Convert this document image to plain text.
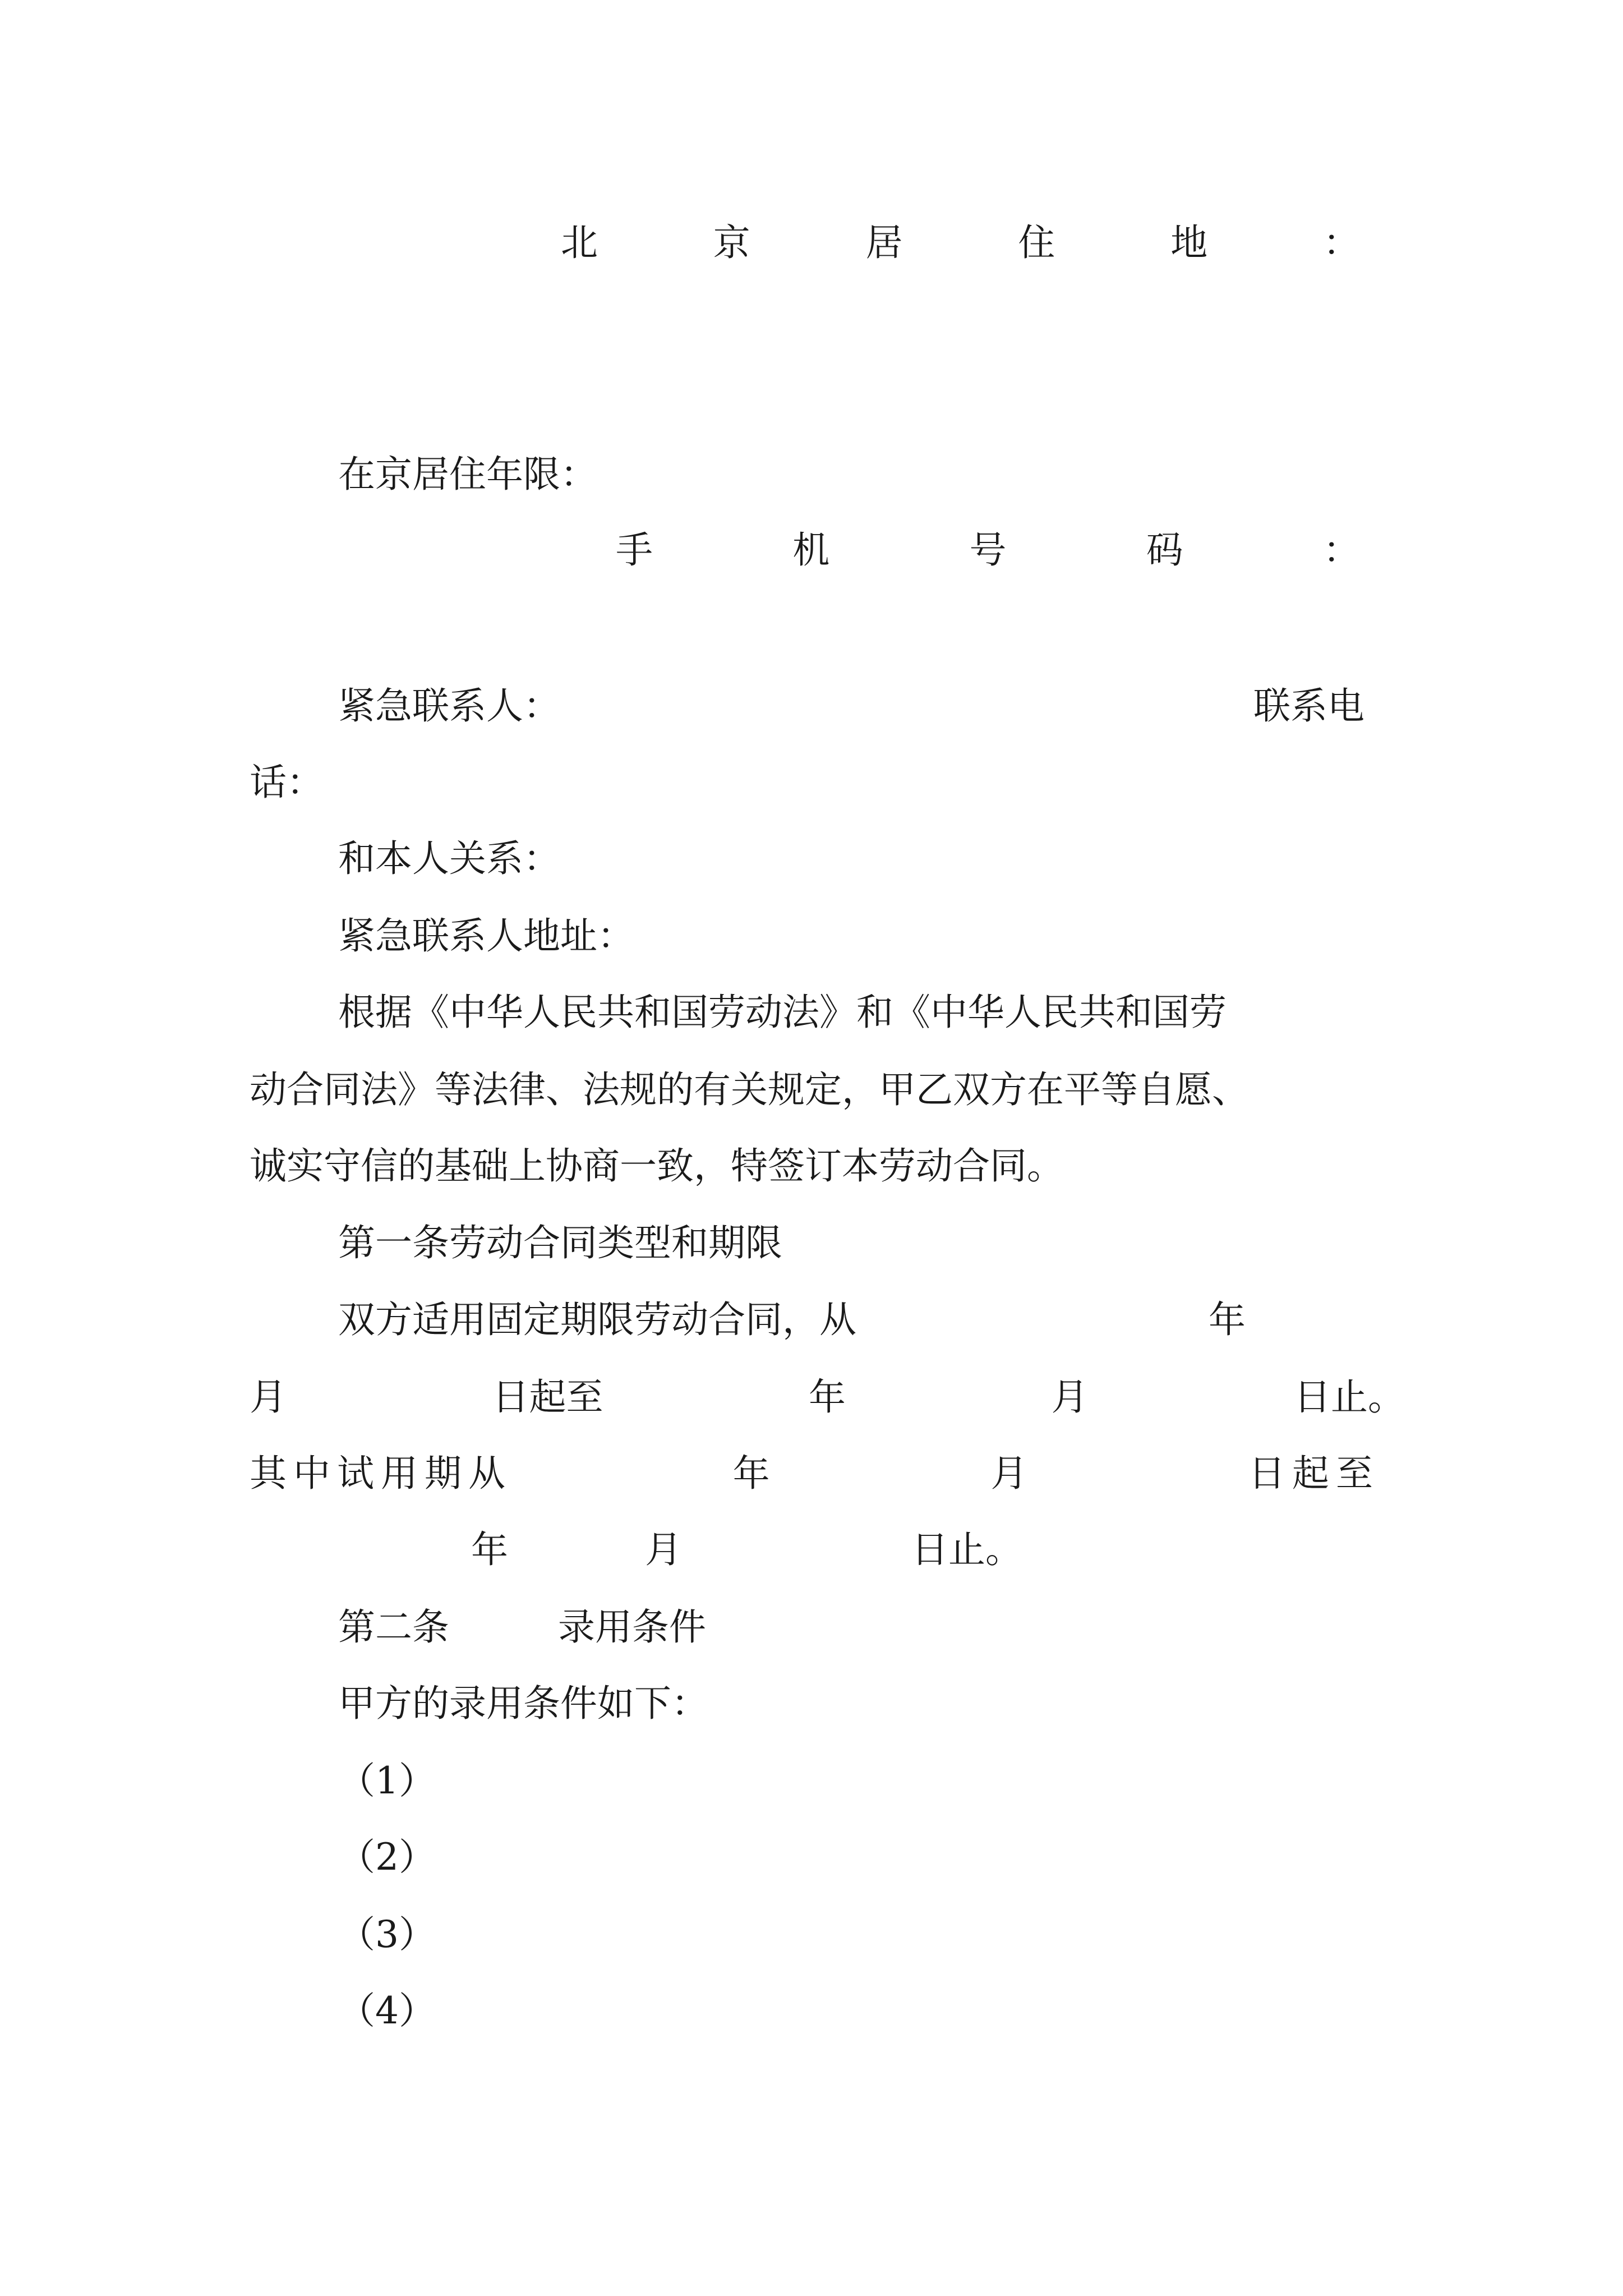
北	京	居	住	地	：
在京居住年限：
手	机	号	码	：
紧急联系人：	联系电
话：
和本人关系：
紧急联系人地址：
根据《中华人民共和国劳动法》和《中华人民共和国劳
动合同法》等法律、法规的有关规定，甲乙双方在平等自愿、
诚实守信的基础上协商一致，特签订本劳动合同。
第一条劳动合同类型和期限
双方适用固定期限劳动合同，从	年
月	日起至	年	月	日止。
其中试用期从	年	月	日起至
年	月	日止。
第二条	录用条件
甲方的录用条件如下：
（1）
（2）
（3）
（4）
